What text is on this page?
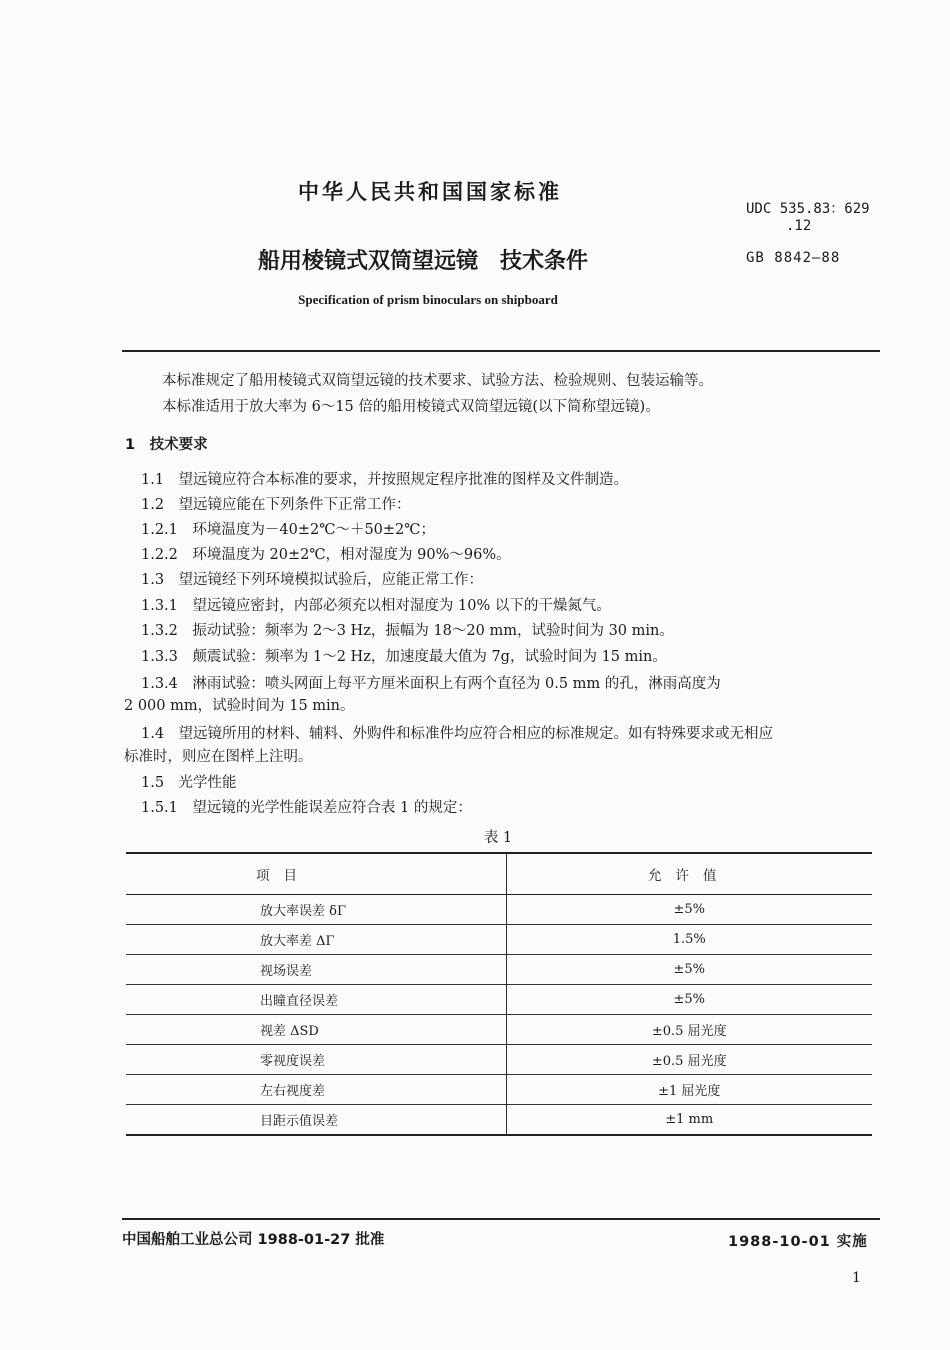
中华人民共和国国家标准
UDC 535.83：629
.12
船用棱镜式双筒望远镜　技术条件	GB 8842—88
Specification of prism binoculars on shipboard
本标准规定了船用棱镜式双筒望远镜的技术要求、试验方法、检验规则、包装运输等。
本标准适用于放大率为 6～15 倍的船用棱镜式双筒望远镜(以下简称望远镜)。
1　技术要求
1.1　望远镜应符合本标准的要求，并按照规定程序批准的图样及文件制造。
1.2　望远镜应能在下列条件下正常工作：
1.2.1　环境温度为－40±2℃～＋50±2℃；
1.2.2　环境温度为 20±2℃，相对湿度为 90%～96%。
1.3　望远镜经下列环境模拟试验后，应能正常工作：
1.3.1　望远镜应密封，内部必须充以相对湿度为 10% 以下的干燥氮气。
1.3.2　振动试验：频率为 2～3 Hz，振幅为 18～20 mm，试验时间为 30 min。
1.3.3　颠震试验：频率为 1～2 Hz，加速度最大值为 7g，试验时间为 15 min。
1.3.4　淋雨试验：喷头网面上每平方厘米面积上有两个直径为 0.5 mm 的孔，淋雨高度为
2 000 mm，试验时间为 15 min。
1.4　望远镜所用的材料、辅料、外购件和标准件均应符合相应的标准规定。如有特殊要求或无相应
标准时，则应在图样上注明。
1.5　光学性能
1.5.1　望远镜的光学性能误差应符合表 1 的规定：
表 1
项目	允许值
放大率误差 δΓ	±5%
放大率差 ΔΓ	1.5%
视场误差	±5%
出瞳直径误差	±5%
视差 ΔSD	±0.5 屈光度
零视度误差	±0.5 屈光度
左右视度差	±1 屈光度
目距示值误差	±1 mm
中国船舶工业总公司 1988-01-27 批准	1988-10-01 实施
1
